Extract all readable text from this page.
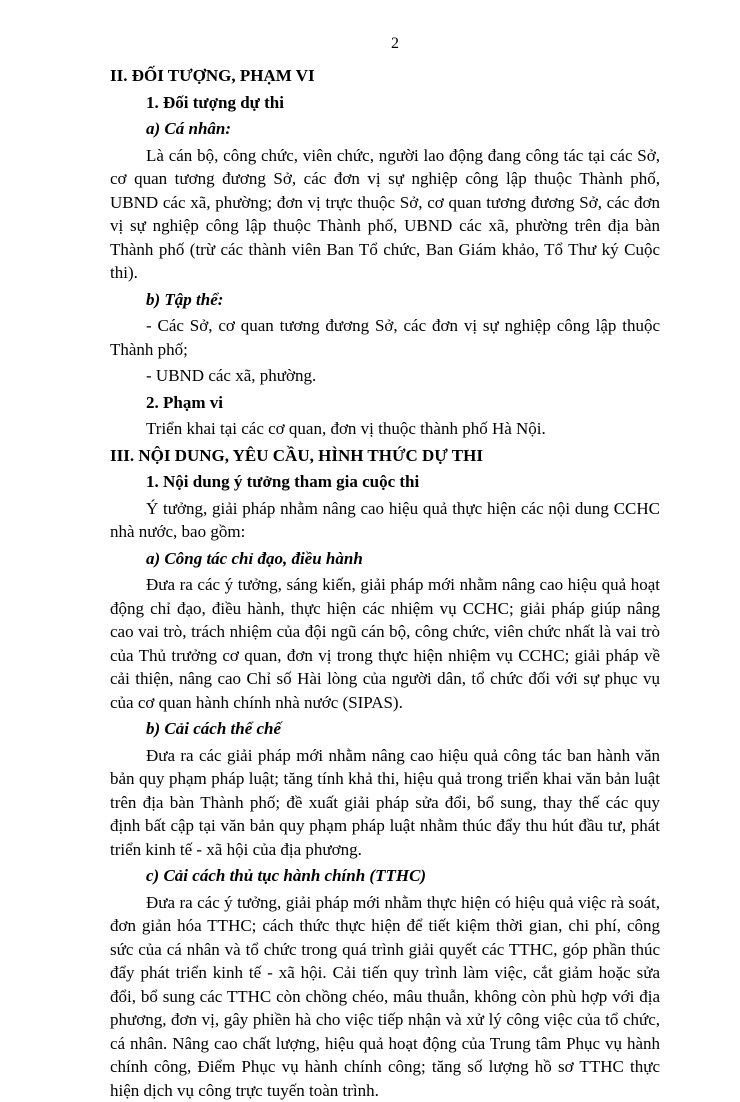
2

II. ĐỐI TƯỢNG, PHẠM VI

1. Đối tượng dự thi

a) Cá nhân:

Là cán bộ, công chức, viên chức, người lao động đang công tác tại các Sở, cơ quan tương đương Sở, các đơn vị sự nghiệp công lập thuộc Thành phố, UBND các xã, phường; đơn vị trực thuộc Sở, cơ quan tương đương Sở, các đơn vị sự nghiệp công lập thuộc Thành phố, UBND các xã, phường trên địa bàn Thành phố (trừ các thành viên Ban Tổ chức, Ban Giám khảo, Tổ Thư ký Cuộc thi).

b) Tập thể:

- Các Sở, cơ quan tương đương Sở, các đơn vị sự nghiệp công lập thuộc Thành phố;

- UBND các xã, phường.

2. Phạm vi

Triển khai tại các cơ quan, đơn vị thuộc thành phố Hà Nội.

III. NỘI DUNG, YÊU CẦU, HÌNH THỨC DỰ THI

1. Nội dung ý tưởng tham gia cuộc thi

Ý tưởng, giải pháp nhằm nâng cao hiệu quả thực hiện các nội dung CCHC nhà nước, bao gồm:

a) Công tác chỉ đạo, điều hành

Đưa ra các ý tưởng, sáng kiến, giải pháp mới nhằm nâng cao hiệu quả hoạt động chỉ đạo, điều hành, thực hiện các nhiệm vụ CCHC; giải pháp giúp nâng cao vai trò, trách nhiệm của đội ngũ cán bộ, công chức, viên chức nhất là vai trò của Thủ trưởng cơ quan, đơn vị trong thực hiện nhiệm vụ CCHC; giải pháp về cải thiện, nâng cao Chỉ số Hài lòng của người dân, tổ chức đối với sự phục vụ của cơ quan hành chính nhà nước (SIPAS).

b) Cải cách thể chế

Đưa ra các giải pháp mới nhằm nâng cao hiệu quả công tác ban hành văn bản quy phạm pháp luật; tăng tính khả thi, hiệu quả trong triển khai văn bản luật trên địa bàn Thành phố; đề xuất giải pháp sửa đổi, bổ sung, thay thế các quy định bất cập tại văn bản quy phạm pháp luật nhằm thúc đẩy thu hút đầu tư, phát triển kinh tế - xã hội của địa phương.

c) Cải cách thủ tục hành chính (TTHC)

Đưa ra các ý tưởng, giải pháp mới nhằm thực hiện có hiệu quả việc rà soát, đơn giản hóa TTHC; cách thức thực hiện để tiết kiệm thời gian, chi phí, công sức của cá nhân và tổ chức trong quá trình giải quyết các TTHC, góp phần thúc đẩy phát triển kinh tế - xã hội. Cải tiến quy trình làm việc, cắt giảm hoặc sửa đổi, bổ sung các TTHC còn chồng chéo, mâu thuẫn, không còn phù hợp với địa phương, đơn vị, gây phiền hà cho việc tiếp nhận và xử lý công việc của tổ chức, cá nhân. Nâng cao chất lượng, hiệu quả hoạt động của Trung tâm Phục vụ hành chính công, Điểm Phục vụ hành chính công; tăng số lượng hồ sơ TTHC thực hiện dịch vụ công trực tuyến toàn trình.
